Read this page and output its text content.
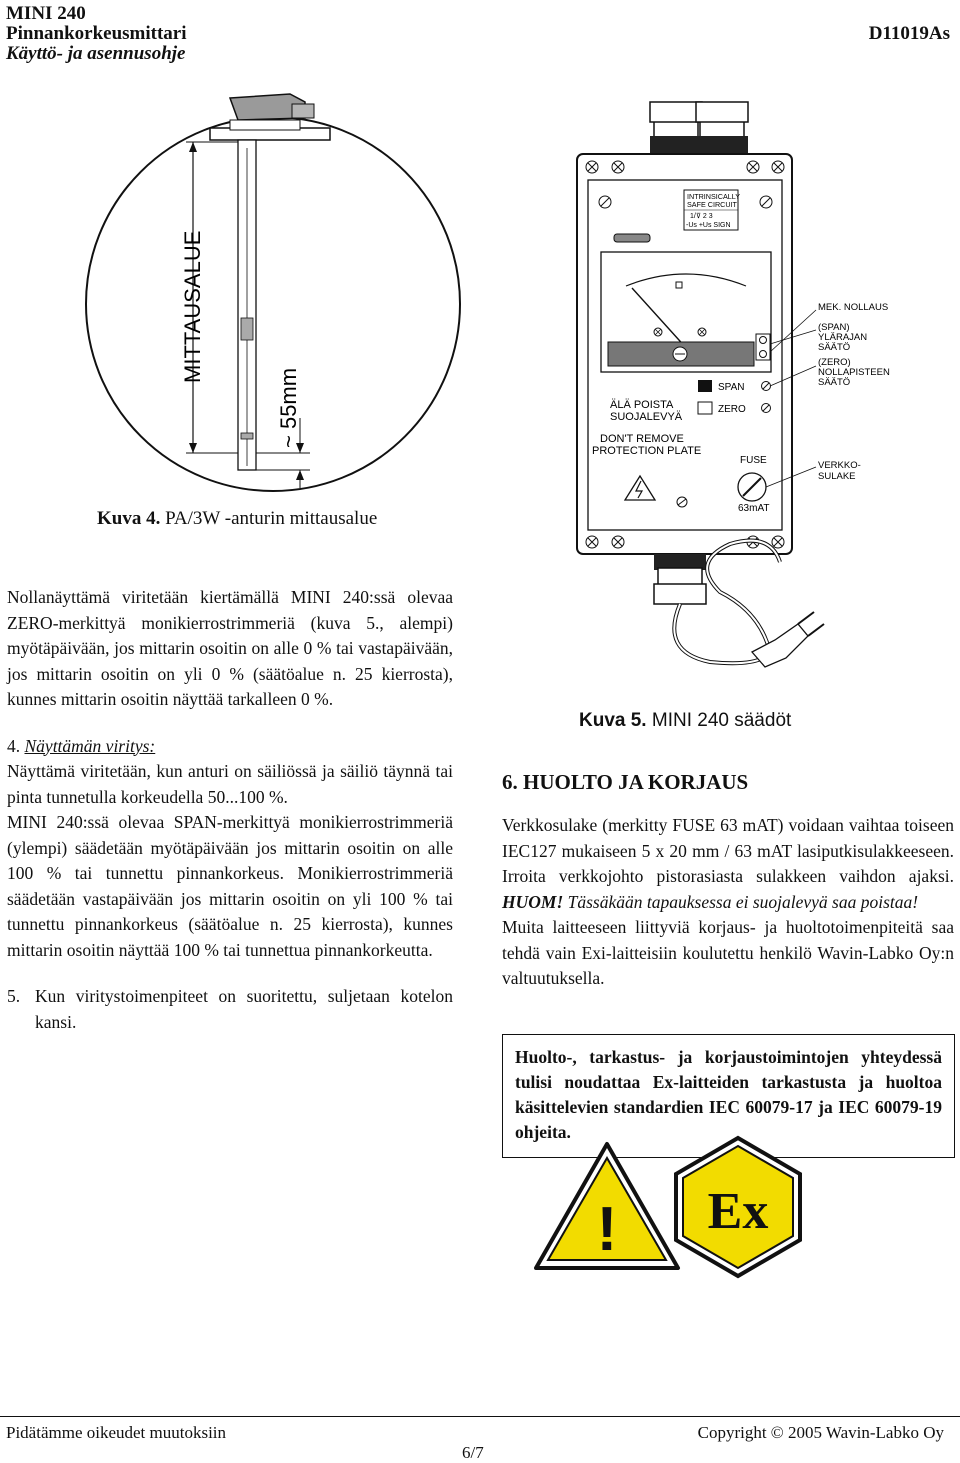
MINI 240
Pinnankorkeusmittari
Käyttö- ja asennusohje
D11019As
MITTAUSALUE
~ 55mm
Kuva 4. PA/3W -anturin mittausalue
INTRINSICALLY
SAFE CIRCUIT
1/⊽ 2 3
-Us +Us SIGN
ÄLÄ POISTA
SUOJALEVYÄ
SPAN
ZERO
DON'T REMOVE
PROTECTION PLATE
FUSE
63mAT
MEK. NOLLAUS
(SPAN)
YLÄRAJAN
SÄÄTÖ
(ZERO)
NOLLAPISTEEN
SÄÄTÖ
VERKKO-
SULAKE
Kuva 5. MINI 240 säädöt

Nollanäyttämä viritetään kiertämällä MINI 240:ssä olevaa ZERO-merkittyä monikierrostrimmeriä (kuva 5., alempi) myötäpäivään, jos mittarin osoitin on alle 0 % tai vastapäivään, jos mittarin osoitin on yli 0 % (säätöalue n. 25 kierrosta), kunnes mittarin osoitin näyttää tarkalleen 0 %.

4. Näyttämän viritys:

Näyttämä viritetään, kun anturi on säiliössä ja säiliö täynnä tai pinta tunnetulla korkeudella 50...100 %.

MINI 240:ssä olevaa SPAN-merkittyä monikierrostrimmeriä (ylempi) säädetään myötäpäivään jos mittarin osoitin on alle 100 % tai tunnettu pinnankorkeus. Monikierrostrimmeriä säädetään vastapäivään jos mittarin osoitin on yli 100 % tai tunnettu pinnankorkeus (säätöalue n. 25 kierrosta), kunnes mittarin osoitin näyttää 100 % tai tunnettua pinnankorkeutta.

5. Kun viritystoimenpiteet on suoritettu, suljetaan kotelon kansi.
6. HUOLTO JA KORJAUS

Verkkosulake (merkitty FUSE 63 mAT) voidaan vaihtaa toiseen IEC127 mukaiseen 5 x 20 mm / 63 mAT lasiputkisulakkeeseen. Irroita verkkojohto pistorasiasta sulakkeen vaihdon ajaksi. HUOM! Tässäkään tapauksessa ei suojalevyä saa poistaa!

Muita laitteeseen liittyviä korjaus- ja huoltotoimenpiteitä saa tehdä vain Exi-laitteisiin koulutettu henkilö Wavin-Labko Oy:n valtuutuksella.

Huolto-, tarkastus- ja korjaustoimintojen yhteydessä tulisi noudattaa Ex-laitteiden tarkastusta ja huoltoa käsittelevien standardien IEC 60079-17 ja IEC 60079-19 ohjeita.
! Ex
Pidätämme oikeudet muutoksiin
6/7
Copyright © 2005 Wavin-Labko Oy
